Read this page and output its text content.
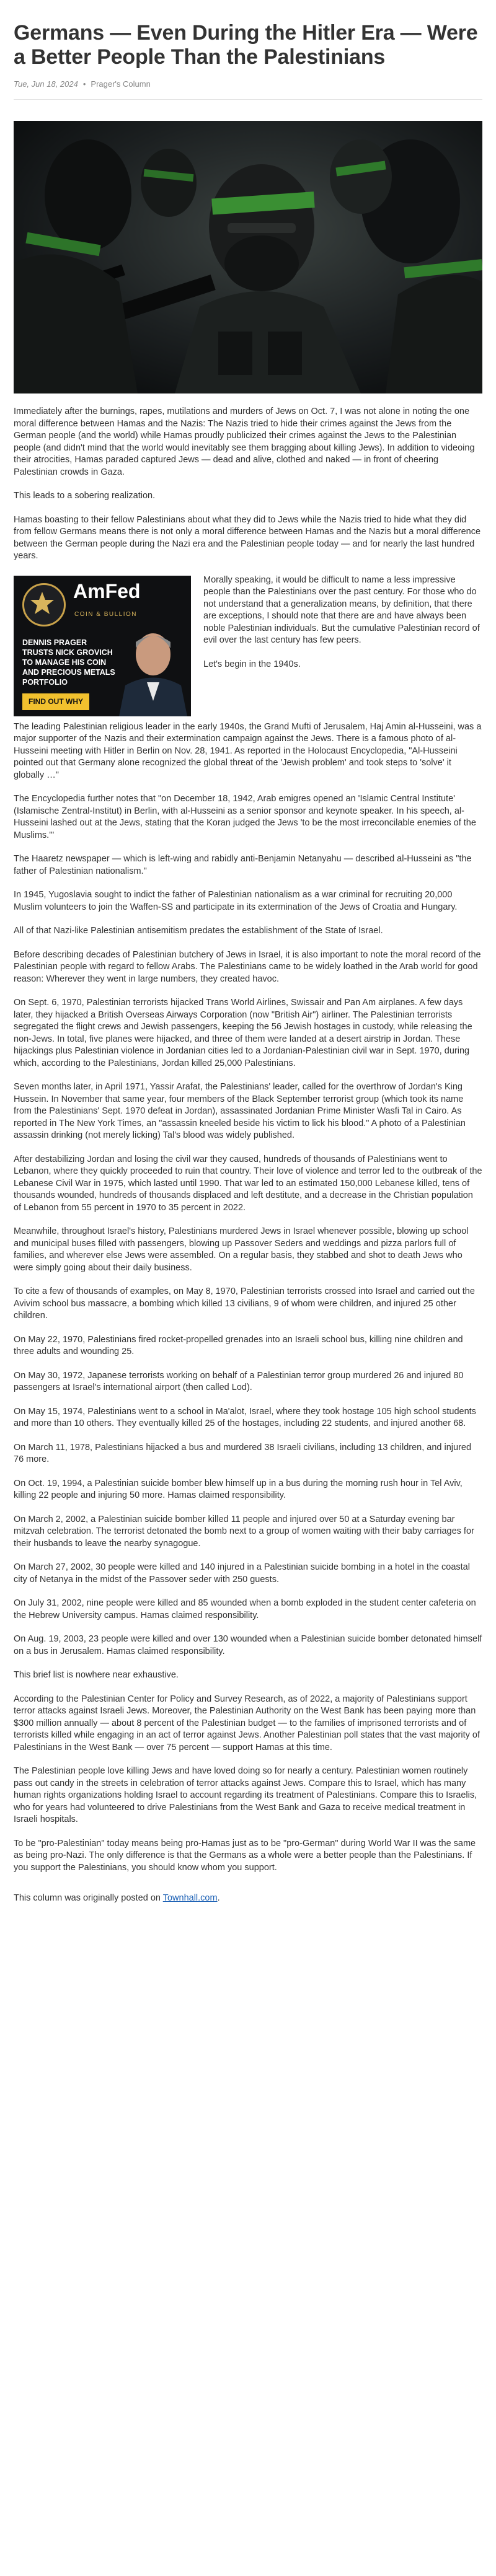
Germans — Even During the Hitler Era — Were a Better People Than the Palestinians
Tue, Jun 18, 2024 • Prager's Column

Immediately after the burnings, rapes, mutilations and murders of Jews on Oct. 7, I was not alone in noting the one moral difference between Hamas and the Nazis: The Nazis tried to hide their crimes against the Jews from the German people (and the world) while Hamas proudly publicized their crimes against the Jews to the Palestinian people (and didn't mind that the world would inevitably see them bragging about killing Jews). In addition to videoing their atrocities, Hamas paraded captured Jews — dead and alive, clothed and naked — in front of cheering Palestinian crowds in Gaza.

This leads to a sobering realization.

Hamas boasting to their fellow Palestinians about what they did to Jews while the Nazis tried to hide what they did from fellow Germans means there is not only a moral difference between Hamas and the Nazis but a moral difference between the German people during the Nazi era and the Palestinian people today — and for nearly the last hundred years.

AmFed
COIN & BULLION
DENNIS PRAGER TRUSTS NICK GROVICH TO MANAGE HIS COIN AND PRECIOUS METALS PORTFOLIO
FIND OUT WHY

Morally speaking, it would be difficult to name a less impressive people than the Palestinians over the past century. For those who do not understand that a generalization means, by definition, that there are exceptions, I should note that there are and have always been noble Palestinian individuals. But the cumulative Palestinian record of evil over the last century has few peers.

Let's begin in the 1940s.

The leading Palestinian religious leader in the early 1940s, the Grand Mufti of Jerusalem, Haj Amin al-Husseini, was a major supporter of the Nazis and their extermination campaign against the Jews. There is a famous photo of al-Husseini meeting with Hitler in Berlin on Nov. 28, 1941. As reported in the Holocaust Encyclopedia, "Al-Husseini pointed out that Germany alone recognized the global threat of the 'Jewish problem' and took steps to 'solve' it globally …"

The Encyclopedia further notes that "on December 18, 1942, Arab emigres opened an 'Islamic Central Institute' (Islamische Zentral-Institut) in Berlin, with al-Husseini as a senior sponsor and keynote speaker. In his speech, al-Husseini lashed out at the Jews, stating that the Koran judged the Jews 'to be the most irreconcilable enemies of the Muslims.'"

The Haaretz newspaper — which is left-wing and rabidly anti-Benjamin Netanyahu — described al-Husseini as "the father of Palestinian nationalism."

In 1945, Yugoslavia sought to indict the father of Palestinian nationalism as a war criminal for recruiting 20,000 Muslim volunteers to join the Waffen-SS and participate in its extermination of the Jews of Croatia and Hungary.

All of that Nazi-like Palestinian antisemitism predates the establishment of the State of Israel.

Before describing decades of Palestinian butchery of Jews in Israel, it is also important to note the moral record of the Palestinian people with regard to fellow Arabs. The Palestinians came to be widely loathed in the Arab world for good reason: Wherever they went in large numbers, they created havoc.

On Sept. 6, 1970, Palestinian terrorists hijacked Trans World Airlines, Swissair and Pan Am airplanes. A few days later, they hijacked a British Overseas Airways Corporation (now "British Air") airliner. The Palestinian terrorists segregated the flight crews and Jewish passengers, keeping the 56 Jewish hostages in custody, while releasing the non-Jews. In total, five planes were hijacked, and three of them were landed at a desert airstrip in Jordan. These hijackings plus Palestinian violence in Jordanian cities led to a Jordanian-Palestinian civil war in Sept. 1970, during which, according to the Palestinians, Jordan killed 25,000 Palestinians.

Seven months later, in April 1971, Yassir Arafat, the Palestinians' leader, called for the overthrow of Jordan's King Hussein. In November that same year, four members of the Black September terrorist group (which took its name from the Palestinians' Sept. 1970 defeat in Jordan), assassinated Jordanian Prime Minister Wasfi Tal in Cairo. As reported in The New York Times, an "assassin kneeled beside his victim to lick his blood." A photo of a Palestinian assassin drinking (not merely licking) Tal's blood was widely published.

After destabilizing Jordan and losing the civil war they caused, hundreds of thousands of Palestinians went to Lebanon, where they quickly proceeded to ruin that country. Their love of violence and terror led to the outbreak of the Lebanese Civil War in 1975, which lasted until 1990. That war led to an estimated 150,000 Lebanese killed, tens of thousands wounded, hundreds of thousands displaced and left destitute, and a decrease in the Christian population of Lebanon from 55 percent in 1970 to 35 percent in 2022.

Meanwhile, throughout Israel's history, Palestinians murdered Jews in Israel whenever possible, blowing up school and municipal buses filled with passengers, blowing up Passover Seders and weddings and pizza parlors full of families, and wherever else Jews were assembled. On a regular basis, they stabbed and shot to death Jews who were simply going about their daily business.

To cite a few of thousands of examples, on May 8, 1970, Palestinian terrorists crossed into Israel and carried out the Avivim school bus massacre, a bombing which killed 13 civilians, 9 of whom were children, and injured 25 other children.

On May 22, 1970, Palestinians fired rocket-propelled grenades into an Israeli school bus, killing nine children and three adults and wounding 25.

On May 30, 1972, Japanese terrorists working on behalf of a Palestinian terror group murdered 26 and injured 80 passengers at Israel's international airport (then called Lod).

On May 15, 1974, Palestinians went to a school in Ma'alot, Israel, where they took hostage 105 high school students and more than 10 others. They eventually killed 25 of the hostages, including 22 students, and injured another 68.

On March 11, 1978, Palestinians hijacked a bus and murdered 38 Israeli civilians, including 13 children, and injured 76 more.

On Oct. 19, 1994, a Palestinian suicide bomber blew himself up in a bus during the morning rush hour in Tel Aviv, killing 22 people and injuring 50 more. Hamas claimed responsibility.

On March 2, 2002, a Palestinian suicide bomber killed 11 people and injured over 50 at a Saturday evening bar mitzvah celebration. The terrorist detonated the bomb next to a group of women waiting with their baby carriages for their husbands to leave the nearby synagogue.

On March 27, 2002, 30 people were killed and 140 injured in a Palestinian suicide bombing in a hotel in the coastal city of Netanya in the midst of the Passover seder with 250 guests.

On July 31, 2002, nine people were killed and 85 wounded when a bomb exploded in the student center cafeteria on the Hebrew University campus. Hamas claimed responsibility.

On Aug. 19, 2003, 23 people were killed and over 130 wounded when a Palestinian suicide bomber detonated himself on a bus in Jerusalem. Hamas claimed responsibility.

This brief list is nowhere near exhaustive.

According to the Palestinian Center for Policy and Survey Research, as of 2022, a majority of Palestinians support terror attacks against Israeli Jews. Moreover, the Palestinian Authority on the West Bank has been paying more than $300 million annually — about 8 percent of the Palestinian budget — to the families of imprisoned terrorists and of terrorists killed while engaging in an act of terror against Jews. Another Palestinian poll states that the vast majority of Palestinians in the West Bank — over 75 percent — support Hamas at this time.

The Palestinian people love killing Jews and have loved doing so for nearly a century. Palestinian women routinely pass out candy in the streets in celebration of terror attacks against Jews. Compare this to Israel, which has many human rights organizations holding Israel to account regarding its treatment of Palestinians. Compare this to Israelis, who for years had volunteered to drive Palestinians from the West Bank and Gaza to receive medical treatment in Israeli hospitals.

To be "pro-Palestinian" today means being pro-Hamas just as to be "pro-German" during World War II was the same as being pro-Nazi. The only difference is that the Germans as a whole were a better people than the Palestinians. If you support the Palestinians, you should know whom you support.

This column was originally posted on Townhall.com.
